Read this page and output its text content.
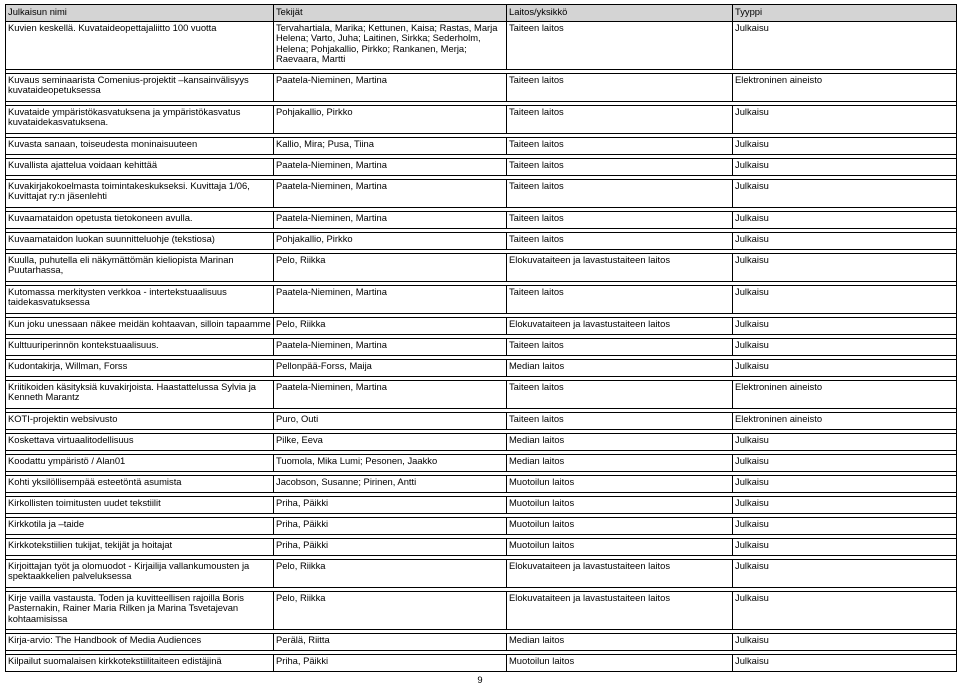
Julkaisun nimi	Tekijät	Laitos/yksikkö	Tyyppi
Kuvien keskellä. Kuvataideopettajaliitto 100 vuotta	Tervahartiala, Marika; Kettunen, Kaisa; Rastas, Marja Helena; Varto, Juha; Laitinen, Sirkka; Sederholm, Helena; Pohjakallio, Pirkko; Rankanen, Merja; Raevaara, Martti	Taiteen laitos	Julkaisu

Kuvaus seminaarista Comenius-projektit –kansainvälisyys kuvataideopetuksessa	Paatela-Nieminen, Martina	Taiteen laitos	Elektroninen aineisto

Kuvataide ympäristökasvatuksena ja ympäristökasvatus kuvataidekasvatuksena.	Pohjakallio, Pirkko	Taiteen laitos	Julkaisu

Kuvasta sanaan, toiseudesta moninaisuuteen	Kallio, Mira; Pusa, Tiina	Taiteen laitos	Julkaisu

Kuvallista ajattelua voidaan kehittää	Paatela-Nieminen, Martina	Taiteen laitos	Julkaisu

Kuvakirjakokoelmasta toimintakeskukseksi. Kuvittaja 1/06, Kuvittajat ry:n jäsenlehti	Paatela-Nieminen, Martina	Taiteen laitos	Julkaisu

Kuvaamataidon opetusta tietokoneen avulla.	Paatela-Nieminen, Martina	Taiteen laitos	Julkaisu

Kuvaamataidon luokan suunnitteluohje (tekstiosa)	Pohjakallio, Pirkko	Taiteen laitos	Julkaisu

Kuulla, puhutella eli näkymättömän kieliopista Marinan Puutarhassa,	Pelo, Riikka	Elokuvataiteen ja lavastustaiteen laitos	Julkaisu

Kutomassa merkitysten verkkoa - intertekstuaalisuus taidekasvatuksessa	Paatela-Nieminen, Martina	Taiteen laitos	Julkaisu

Kun joku unessaan näkee meidän kohtaavan, silloin tapaamme	Pelo, Riikka	Elokuvataiteen ja lavastustaiteen laitos	Julkaisu

Kulttuuriperinnön kontekstuaalisuus.	Paatela-Nieminen, Martina	Taiteen laitos	Julkaisu

Kudontakirja, Willman, Forss	Pellonpää-Forss, Maija	Median laitos	Julkaisu

Kriitikoiden käsityksiä kuvakirjoista. Haastattelussa Sylvia ja Kenneth Marantz	Paatela-Nieminen, Martina	Taiteen laitos	Elektroninen aineisto

KOTI-projektin websivusto	Puro, Outi	Taiteen laitos	Elektroninen aineisto

Koskettava virtuaalitodellisuus	Pilke, Eeva	Median laitos	Julkaisu

Koodattu ympäristö / Alan01	Tuomola, Mika Lumi; Pesonen, Jaakko	Median laitos	Julkaisu

Kohti yksilöllisempää esteetöntä asumista	Jacobson, Susanne; Pirinen, Antti	Muotoilun laitos	Julkaisu

Kirkollisten toimitusten uudet tekstiilit	Priha, Päikki	Muotoilun laitos	Julkaisu

Kirkkotila ja –taide	Priha, Päikki	Muotoilun laitos	Julkaisu

Kirkkotekstiilien tukijat, tekijät ja hoitajat	Priha, Päikki	Muotoilun laitos	Julkaisu

Kirjoittajan työt ja olomuodot - Kirjailija vallankumousten ja spektaakkelien palveluksessa	Pelo, Riikka	Elokuvataiteen ja lavastustaiteen laitos	Julkaisu

Kirje vailla vastausta. Toden ja kuvitteellisen rajoilla Boris Pasternakin, Rainer Maria Rilken ja Marina Tsvetajevan kohtaamisissa	Pelo, Riikka	Elokuvataiteen ja lavastustaiteen laitos	Julkaisu

Kirja-arvio: The Handbook of Media Audiences	Perälä, Riitta	Median laitos	Julkaisu

Kilpailut suomalaisen kirkkotekstiilitaiteen edistäjinä	Priha, Päikki	Muotoilun laitos	Julkaisu
9
